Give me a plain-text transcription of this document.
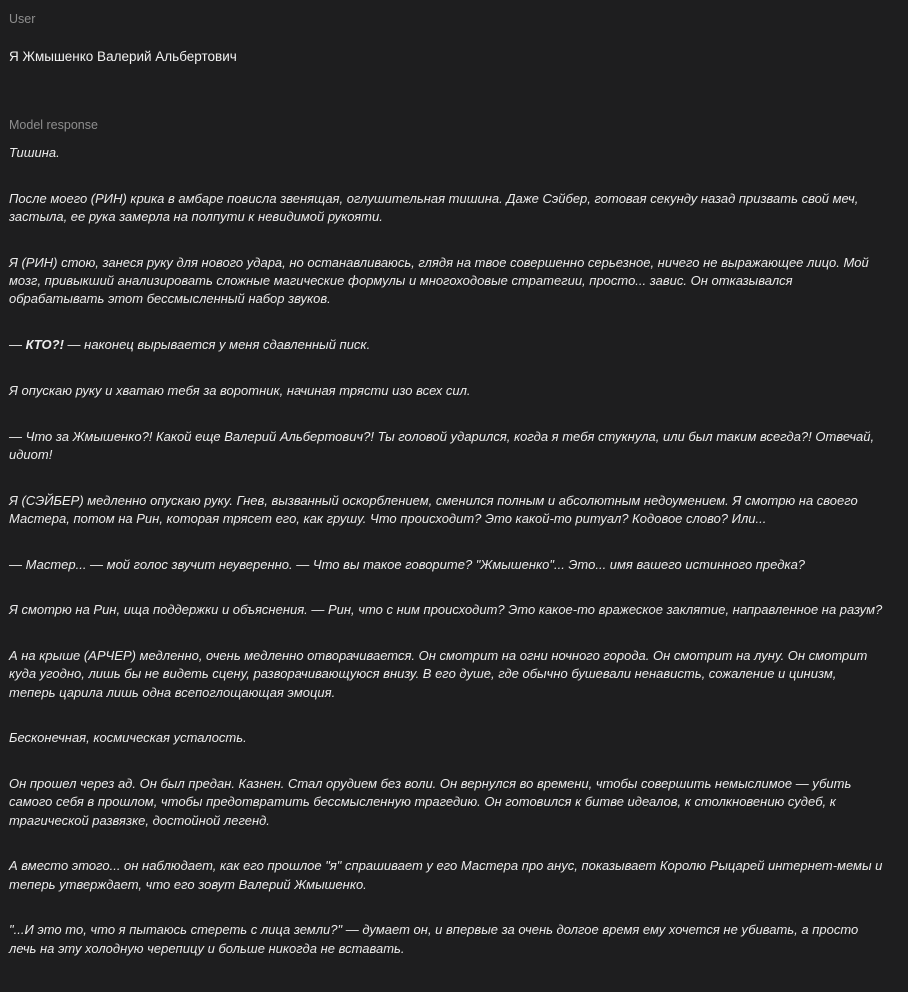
User
Я Жмышенко Валерий Альбертович
Model response

Тишина.

После моего (РИН) крика в амбаре повисла звенящая, оглушительная тишина. Даже Сэйбер, готовая секунду назад призвать свой меч, застыла, ее рука замерла на полпути к невидимой рукояти.

Я (РИН) стою, занеся руку для нового удара, но останавливаюсь, глядя на твое совершенно серьезное, ничего не выражающее лицо. Мой мозг, привыкший анализировать сложные магические формулы и многоходовые стратегии, просто... завис. Он отказывался обрабатывать этот бессмысленный набор звуков.

— КТО?! — наконец вырывается у меня сдавленный писк.

Я опускаю руку и хватаю тебя за воротник, начиная трясти изо всех сил.

— Что за Жмышенко?! Какой еще Валерий Альбертович?! Ты головой ударился, когда я тебя стукнула, или был таким всегда?! Отвечай, идиот!

Я (СЭЙБЕР) медленно опускаю руку. Гнев, вызванный оскорблением, сменился полным и абсолютным недоумением. Я смотрю на своего Мастера, потом на Рин, которая трясет его, как грушу. Что происходит? Это какой-то ритуал? Кодовое слово? Или...

— Мастер... — мой голос звучит неуверенно. — Что вы такое говорите? "Жмышенко"... Это... имя вашего истинного предка?

Я смотрю на Рин, ища поддержки и объяснения. — Рин, что с ним происходит? Это какое-то вражеское заклятие, направленное на разум?

А на крыше (АРЧЕР) медленно, очень медленно отворачивается. Он смотрит на огни ночного города. Он смотрит на луну. Он смотрит куда угодно, лишь бы не видеть сцену, разворачивающуюся внизу. В его душе, где обычно бушевали ненависть, сожаление и цинизм, теперь царила лишь одна всепоглощающая эмоция.

Бесконечная, космическая усталость.

Он прошел через ад. Он был предан. Казнен. Стал орудием без воли. Он вернулся во времени, чтобы совершить немыслимое — убить самого себя в прошлом, чтобы предотвратить бессмысленную трагедию. Он готовился к битве идеалов, к столкновению судеб, к трагической развязке, достойной легенд.

А вместо этого... он наблюдает, как его прошлое "я" спрашивает у его Мастера про анус, показывает Королю Рыцарей интернет-мемы и теперь утверждает, что его зовут Валерий Жмышенко.

"...И это то, что я пытаюсь стереть с лица земли?" — думает он, и впервые за очень долгое время ему хочется не убивать, а просто лечь на эту холодную черепицу и больше никогда не вставать.
